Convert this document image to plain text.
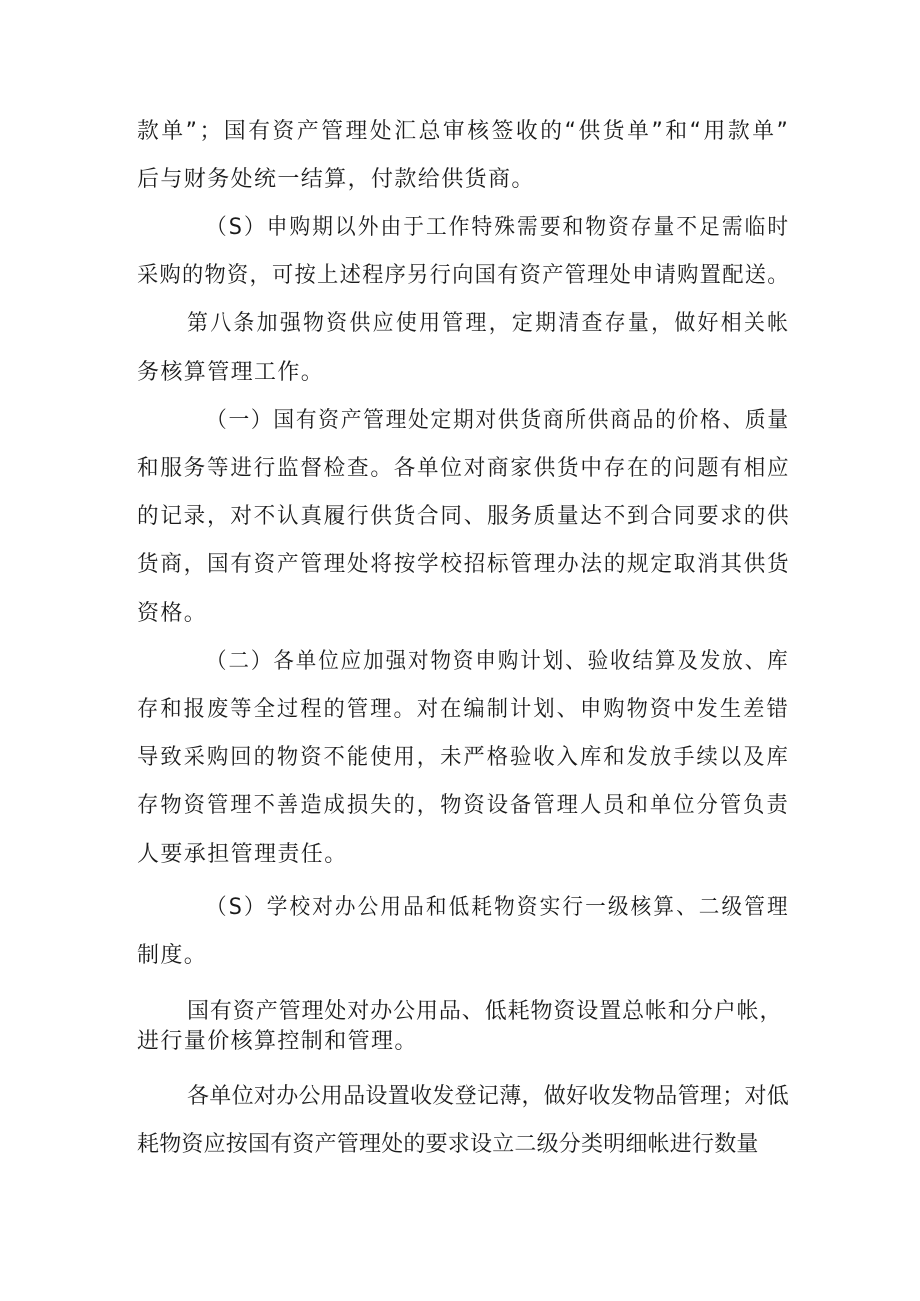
款单”；国有资产管理处汇总审核签收的“供货单”和“用款单”
后与财务处统一结算，付款给供货商。
（S）申购期以外由于工作特殊需要和物资存量不足需临时
采购的物资，可按上述程序另行向国有资产管理处申请购置配送。
第八条加强物资供应使用管理，定期清查存量，做好相关帐
务核算管理工作。
（一）国有资产管理处定期对供货商所供商品的价格、质量
和服务等进行监督检查。各单位对商家供货中存在的问题有相应
的记录，对不认真履行供货合同、服务质量达不到合同要求的供
货商，国有资产管理处将按学校招标管理办法的规定取消其供货
资格。
（二）各单位应加强对物资申购计划、验收结算及发放、库
存和报废等全过程的管理。对在编制计划、申购物资中发生差错
导致采购回的物资不能使用，未严格验收入库和发放手续以及库
存物资管理不善造成损失的，物资设备管理人员和单位分管负责
人要承担管理责任。
（S）学校对办公用品和低耗物资实行一级核算、二级管理
制度。
国有资产管理处对办公用品、低耗物资设置总帐和分户帐，
进行量价核算控制和管理。
各单位对办公用品设置收发登记薄，做好收发物品管理；对低
耗物资应按国有资产管理处的要求设立二级分类明细帐进行数量
